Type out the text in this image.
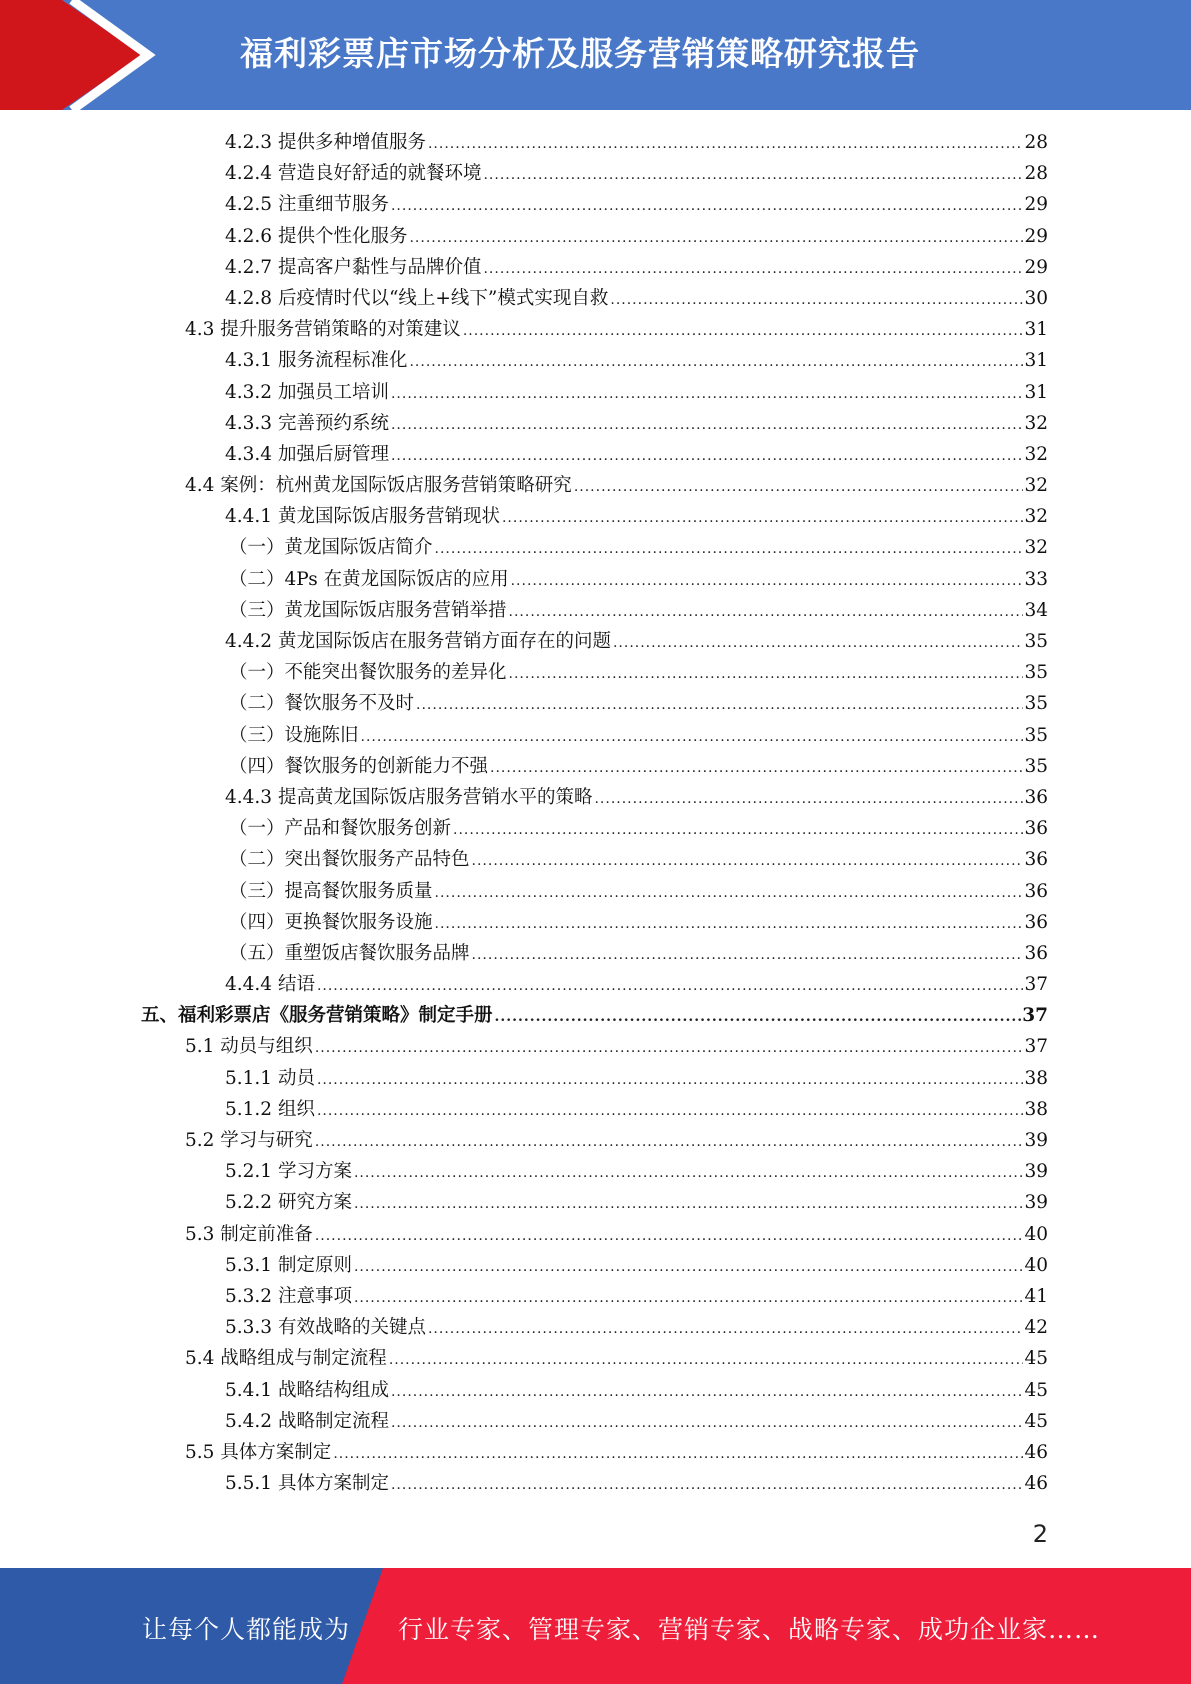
福利彩票店市场分析及服务营销策略研究报告
4.2.3 提供多种增值服务 .....	28
4.2.4 营造良好舒适的就餐环境 .....	28
4.2.5 注重细节服务 .....	29
4.2.6 提供个性化服务 .....	29
4.2.7 提高客户黏性与品牌价值 .....	29
4.2.8 后疫情时代以“线上+线下”模式实现自救 .....	30
4.3 提升服务营销策略的对策建议 .....	31
4.3.1 服务流程标准化 .....	31
4.3.2 加强员工培训 .....	31
4.3.3 完善预约系统 .....	32
4.3.4 加强后厨管理 .....	32
4.4 案例：杭州黄龙国际饭店服务营销策略研究 .....	32
4.4.1 黄龙国际饭店服务营销现状 .....	32
（一）黄龙国际饭店简介 .....	32
（二）4Ps 在黄龙国际饭店的应用 .....	33
（三）黄龙国际饭店服务营销举措 .....	34
4.4.2 黄龙国际饭店在服务营销方面存在的问题 .....	35
（一）不能突出餐饮服务的差异化 .....	35
（二）餐饮服务不及时 .....	35
（三）设施陈旧 .....	35
（四）餐饮服务的创新能力不强 .....	35
4.4.3 提高黄龙国际饭店服务营销水平的策略 .....	36
（一）产品和餐饮服务创新 .....	36
（二）突出餐饮服务产品特色 .....	36
（三）提高餐饮服务质量 .....	36
（四）更换餐饮服务设施 .....	36
（五）重塑饭店餐饮服务品牌 .....	36
4.4.4 结语 .....	37
五、福利彩票店《服务营销策略》制定手册 .....	37
5.1 动员与组织 .....	37
5.1.1 动员 .....	38
5.1.2 组织 .....	38
5.2 学习与研究 .....	39
5.2.1 学习方案 .....	39
5.2.2 研究方案 .....	39
5.3 制定前准备 .....	40
5.3.1 制定原则 .....	40
5.3.2 注意事项 .....	41
5.3.3 有效战略的关键点 .....	42
5.4 战略组成与制定流程 .....	45
5.4.1 战略结构组成 .....	45
5.4.2 战略制定流程 .....	45
5.5 具体方案制定 .....	46
5.5.1 具体方案制定 .....	46
2
让每个人都能成为 行业专家、管理专家、营销专家、战略专家、成功企业家……
